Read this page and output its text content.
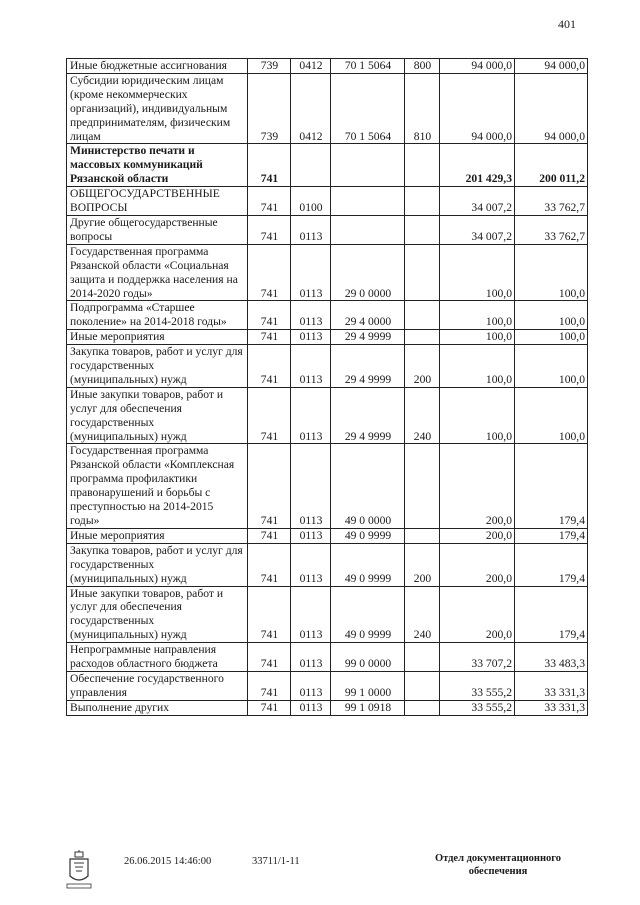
401
Иные бюджетные ассигнования	739	0412	70 1 5064	800	94 000,0	94 000,0
Субсидии юридическим лицам (кроме некоммерческих организаций), индивидуальным предпринимателям, физическим лицам	739	0412	70 1 5064	810	94 000,0	94 000,0
Министерство печати и массовых коммуникаций Рязанской области	741				201 429,3	200 011,2
ОБЩЕГОСУДАРСТВЕННЫЕ ВОПРОСЫ	741	0100			34 007,2	33 762,7
Другие общегосударственные вопросы	741	0113			34 007,2	33 762,7
Государственная программа Рязанской области «Социальная защита и поддержка населения на 2014-2020 годы»	741	0113	29 0 0000		100,0	100,0
Подпрограмма «Старшее поколение» на 2014-2018 годы»	741	0113	29 4 0000		100,0	100,0
Иные мероприятия	741	0113	29 4 9999		100,0	100,0
Закупка товаров, работ и услуг для государственных (муниципальных) нужд	741	0113	29 4 9999	200	100,0	100,0
Иные закупки товаров, работ и услуг для обеспечения государственных (муниципальных) нужд	741	0113	29 4 9999	240	100,0	100,0
Государственная программа Рязанской области «Комплексная программа профилактики правонарушений и борьбы с преступностью на 2014-2015 годы»	741	0113	49 0 0000		200,0	179,4
Иные мероприятия	741	0113	49 0 9999		200,0	179,4
Закупка товаров, работ и услуг для государственных (муниципальных) нужд	741	0113	49 0 9999	200	200,0	179,4
Иные закупки товаров, работ и услуг для обеспечения государственных (муниципальных) нужд	741	0113	49 0 9999	240	200,0	179,4
Непрограммные направления расходов областного бюджета	741	0113	99 0 0000		33 707,2	33 483,3
Обеспечение государственного управления	741	0113	99 1 0000		33 555,2	33 331,3
Выполнение других	741	0113	99 1 0918		33 555,2	33 331,3
26.06.2015 14:46:00	33711/1-11	Отдел документационного
обеспечения
